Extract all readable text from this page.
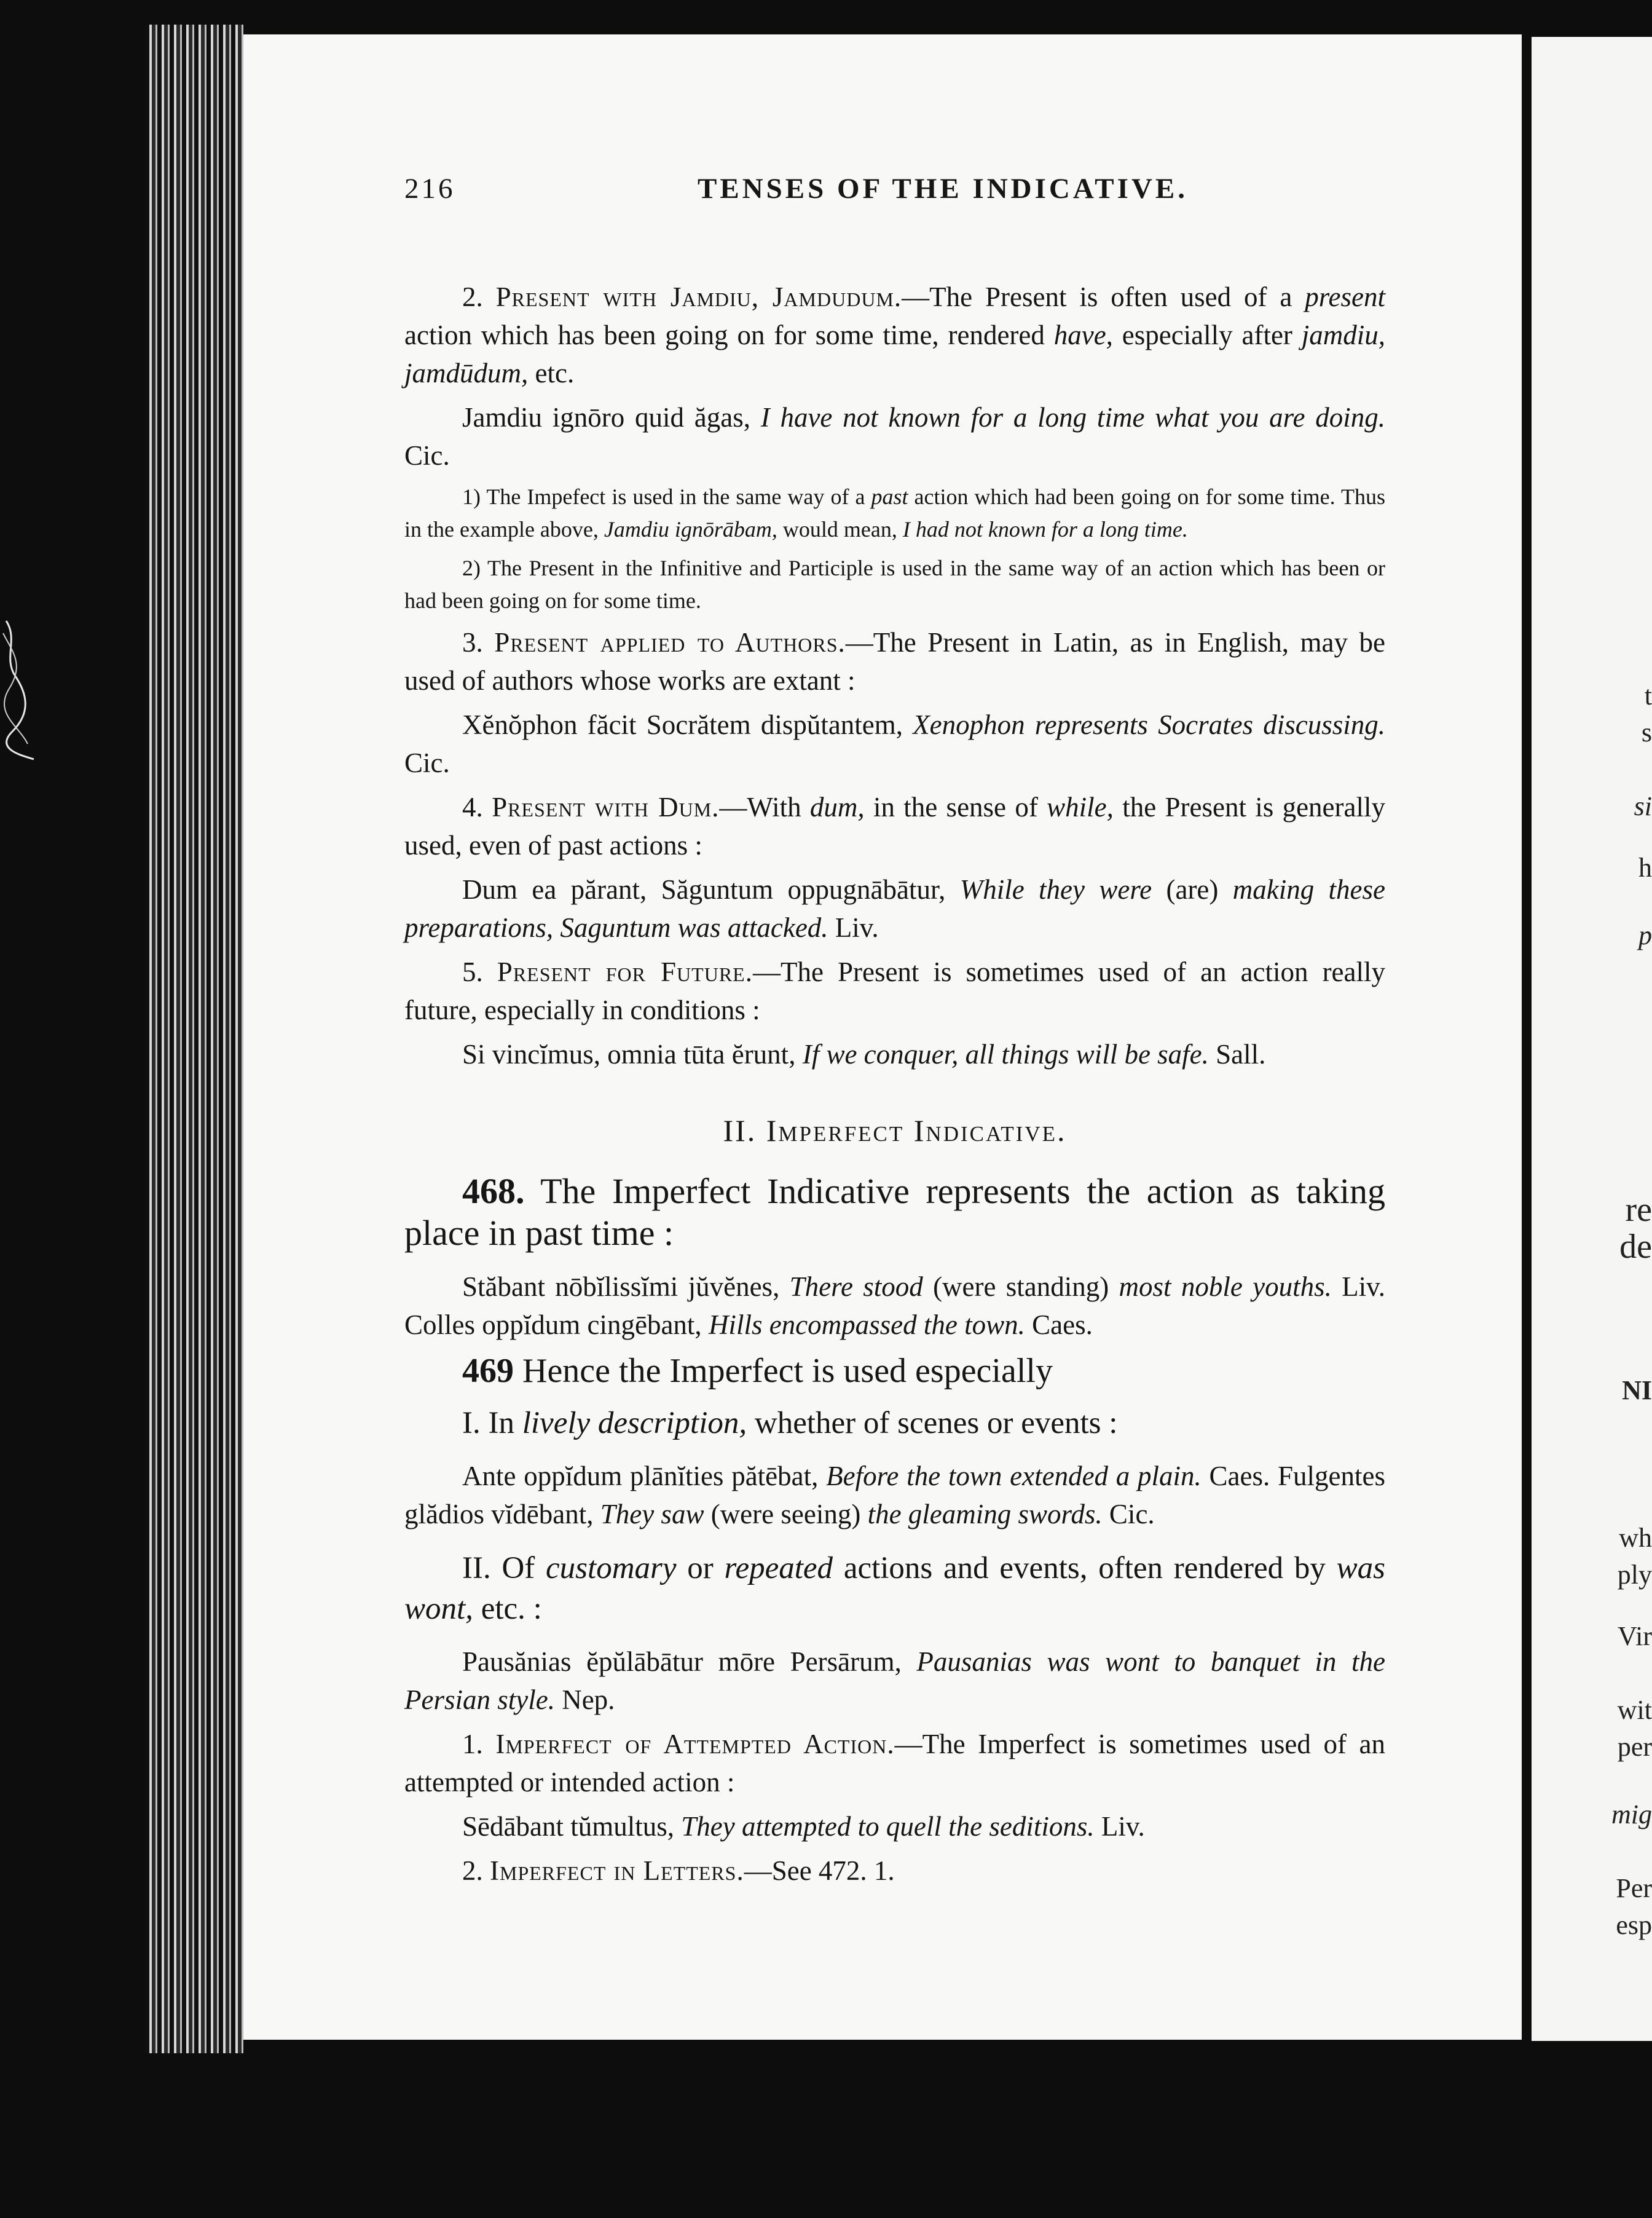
216	TENSES OF THE INDICATIVE.

2. Present with Jamdiu, Jamdudum.—The Present is often used of a present action which has been going on for some time, rendered have, especially after jamdiu, jamdūdum, etc.

Jamdiu ignōro quid ăgas, I have not known for a long time what you are doing. Cic.

1) The Impefect is used in the same way of a past action which had been going on for some time. Thus in the example above, Jamdiu ignōrābam, would mean, I had not known for a long time.

2) The Present in the Infinitive and Participle is used in the same way of an action which has been or had been going on for some time.

3. Present applied to Authors.—The Present in Latin, as in English, may be used of authors whose works are extant :

Xĕnŏphon făcit Socrătem dispŭtantem, Xenophon represents Socrates discussing. Cic.

4. Present with Dum.—With dum, in the sense of while, the Present is generally used, even of past actions :

Dum ea părant, Săguntum oppugnābātur, While they were (are) making these preparations, Saguntum was attacked. Liv.

5. Present for Future.—The Present is sometimes used of an action really future, especially in conditions :

Si vincĭmus, omnia tūta ĕrunt, If we conquer, all things will be safe. Sall.

II. Imperfect Indicative.

468. The Imperfect Indicative represents the action as taking place in past time :

Stăbant nōbĭlissĭmi jŭvĕnes, There stood (were standing) most noble youths. Liv. Colles oppĭdum cingēbant, Hills encompassed the town. Caes.

469 Hence the Imperfect is used especially

I. In lively description, whether of scenes or events :

Ante oppĭdum plānĭties pătēbat, Before the town extended a plain. Caes. Fulgentes glădios vĭdēbant, They saw (were seeing) the gleaming swords. Cic.

II. Of customary or repeated actions and events, often rendered by was wont, etc. :

Pausănias ĕpŭlābātur mōre Persārum, Pausanias was wont to banquet in the Persian style. Nep.

1. Imperfect of Attempted Action.—The Imperfect is sometimes used of an attempted or intended action :

Sēdābant tŭmultus, They attempted to quell the seditions. Liv.

2. Imperfect in Letters.—See 472. 1.

t
s
si
h
p
re
de
NI
wh
ply
Vir
wit
per
mig
Per
esp
